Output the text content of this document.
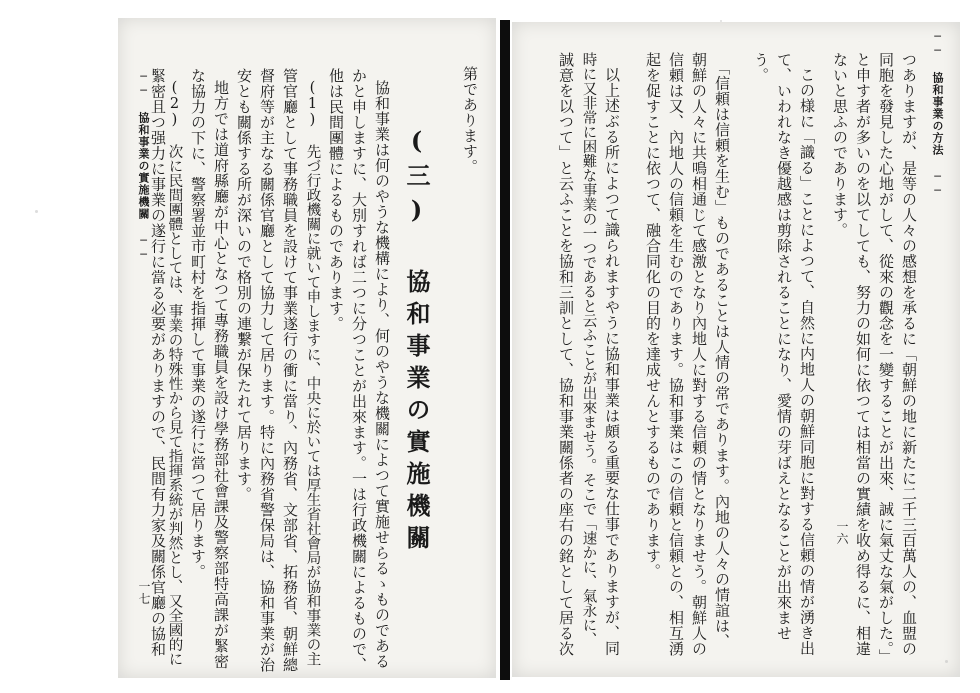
── 協和事業の方法 ──
一六	つありますが、是等の人々の感想を承るに「朝鮮の地に新たに二千三百萬人の、血盟の
同胞を發見した心地がして、從來の觀念を一變することが出來、誠に氣丈な氣がした。」
と申す者が多いのを以てしても、努力の如何に依つては相當の實績を收め得るに、相違
ないと思ふのであります。
この様に「識る」ことによつて、自然に内地人の朝鮮同胞に對する信頼の情が湧き出
て、いわれなき優越感は剪除されることになり、愛情の芽ばえとなることが出來ませ
う。
「信頼は信頼を生む」ものであることは人情の常であります。內地の人々の情誼は、
朝鮮の人々に共鳴相通じて感激となり內地人に對する信頼の情となりませう。朝鮮人の
信頼は又、內地人の信頼を生むのであります。協和事業はこの信頼と信頼との、相互湧
起を促すことに依つて、融合同化の目的を達成せんとするものであります。
以上述ぶる所によつて識られますやうに協和事業は頗る重要な仕事でありますが、同
時に又非常に困難な事業の一つであると云ふことが出來ませう。そこで「速かに、氣永に、
誠意を以つて」と云ふことを協和三訓として、協和事業關係者の座右の銘として居る次
── 協和事業の實施機關 ──
一七
第であります。
(三) 協和事業の實施機關
協和事業は何のやうな機構により、何のやうな機關によつて實施せらるゝものである
かと申しますに、大別すれば二つに分つことが出來ます。一は行政機關によるもので、
他は民間團體によるものであります。
(1) 先づ行政機關に就いて申しますに、中央に於いては厚生省社會局が協和事業の主
管官廳として事務職員を設けて事業遂行の衝に當り、內務省、文部省、拓務省、朝鮮總
督府等が主なる關係官廳として協力して居ります。特に內務省警保局は、協和事業が治
安とも關係する所が深いので格別の連繋が保たれて居ります。
地方では道府縣廳が中心となつて專務職員を設け學務部社會課及警察部特高課が緊密
な協力の下に、警察署並市町村を指揮して事業の遂行に當つて居ります。
(2) 次に民間團體としては、事業の特殊性から見て指揮系統が判然とし、又全國的に
緊密且つ强力に事業の遂行に當る必要がありますので、民間有力家及關係官廳の協和
